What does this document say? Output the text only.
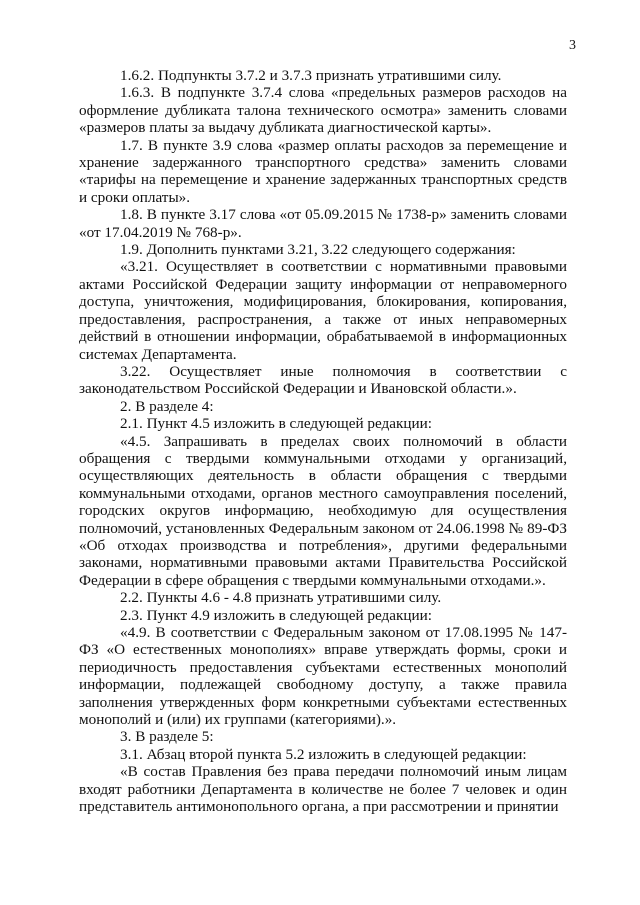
3

1.6.2. Подпункты 3.7.2 и 3.7.3 признать утратившими силу.

1.6.3. В подпункте 3.7.4 слова «предельных размеров расходов на оформление дубликата талона технического осмотра» заменить словами «размеров платы за выдачу дубликата диагностической карты».

1.7. В пункте 3.9 слова «размер оплаты расходов за перемещение и хранение задержанного транспортного средства» заменить словами «тарифы на перемещение и хранение задержанных транспортных средств и сроки оплаты».

1.8. В пункте 3.17 слова «от 05.09.2015 № 1738-р» заменить словами «от 17.04.2019 № 768-р».

1.9. Дополнить пунктами 3.21, 3.22 следующего содержания:

«3.21. Осуществляет в соответствии с нормативными правовыми актами Российской Федерации защиту информации от неправомерного доступа, уничтожения, модифицирования, блокирования, копирования, предоставления, распространения, а также от иных неправомерных действий в отношении информации, обрабатываемой в информационных системах Департамента.

3.22. Осуществляет иные полномочия в соответствии с законодательством Российской Федерации и Ивановской области.».

2. В разделе 4:

2.1. Пункт 4.5 изложить в следующей редакции:

«4.5. Запрашивать в пределах своих полномочий в области обращения с твердыми коммунальными отходами у организаций, осуществляющих деятельность в области обращения с твердыми коммунальными отходами, органов местного самоуправления поселений, городских округов информацию, необходимую для осуществления полномочий, установленных Федеральным законом от 24.06.1998 № 89-ФЗ «Об отходах производства и потребления», другими федеральными законами, нормативными правовыми актами Правительства Российской Федерации в сфере обращения с твердыми коммунальными отходами.».

2.2. Пункты 4.6 - 4.8 признать утратившими силу.

2.3. Пункт 4.9 изложить в следующей редакции:

«4.9. В соответствии с Федеральным законом от 17.08.1995 № 147-ФЗ «О естественных монополиях» вправе утверждать формы, сроки и периодичность предоставления субъектами естественных монополий информации, подлежащей свободному доступу, а также правила заполнения утвержденных форм конкретными субъектами естественных монополий и (или) их группами (категориями).».

3. В разделе 5:

3.1. Абзац второй пункта 5.2 изложить в следующей редакции:

«В состав Правления без права передачи полномочий иным лицам входят работники Департамента в количестве не более 7 человек и один представитель антимонопольного органа, а при рассмотрении и принятии
